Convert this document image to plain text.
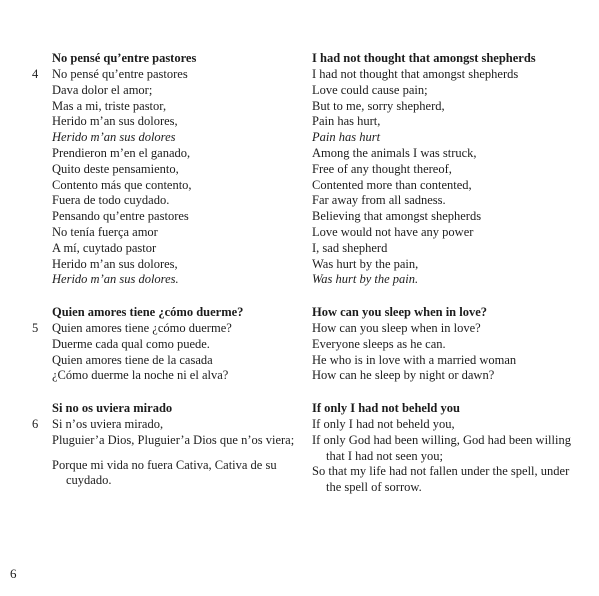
No pensé qu’entre pastores
No pensé qu’entre pastores
4
Dava dolor el amor;
Mas a mi, triste pastor,
Herido m’an sus dolores,
Herido m’an sus dolores
Prendieron m’en el ganado,
Quito deste pensamiento,
Contento más que contento,
Fuera de todo cuydado.
Pensando qu’entre pastores
No tenía fuerça amor
A mí, cuytado pastor
Herido m’an sus dolores,
Herido m’an sus dolores.
Quien amores tiene ¿cómo duerme?
Quien amores tiene ¿cómo duerme?
5
Duerme cada qual como puede.
Quien amores tiene de la casada
¿Cómo duerme la noche ni el alva?
Si no os uviera mirado
Si n’os uviera mirado,
6
Pluguier’a Dios, Pluguier’a Dios que n’os viera;
Porque mi vida no fuera Cativa, Cativa de su cuydado.
I had not thought that amongst shepherds
I had not thought that amongst shepherds
Love could cause pain;
But to me, sorry shepherd,
Pain has hurt,
Pain has hurt
Among the animals I was struck,
Free of any thought thereof,
Contented more than contented,
Far away from all sadness.
Believing that amongst shepherds
Love would not have any power
I, sad shepherd
Was hurt by the pain,
Was hurt by the pain.
How can you sleep when in love?
How can you sleep when in love?
Everyone sleeps as he can.
He who is in love with a married woman
How can he sleep by night or dawn?
If only I had not beheld you
If only I had not beheld you,
If only God had been willing, God had been willing that I had not seen you;
So that my life had not fallen under the spell, under the spell of sorrow.
6
